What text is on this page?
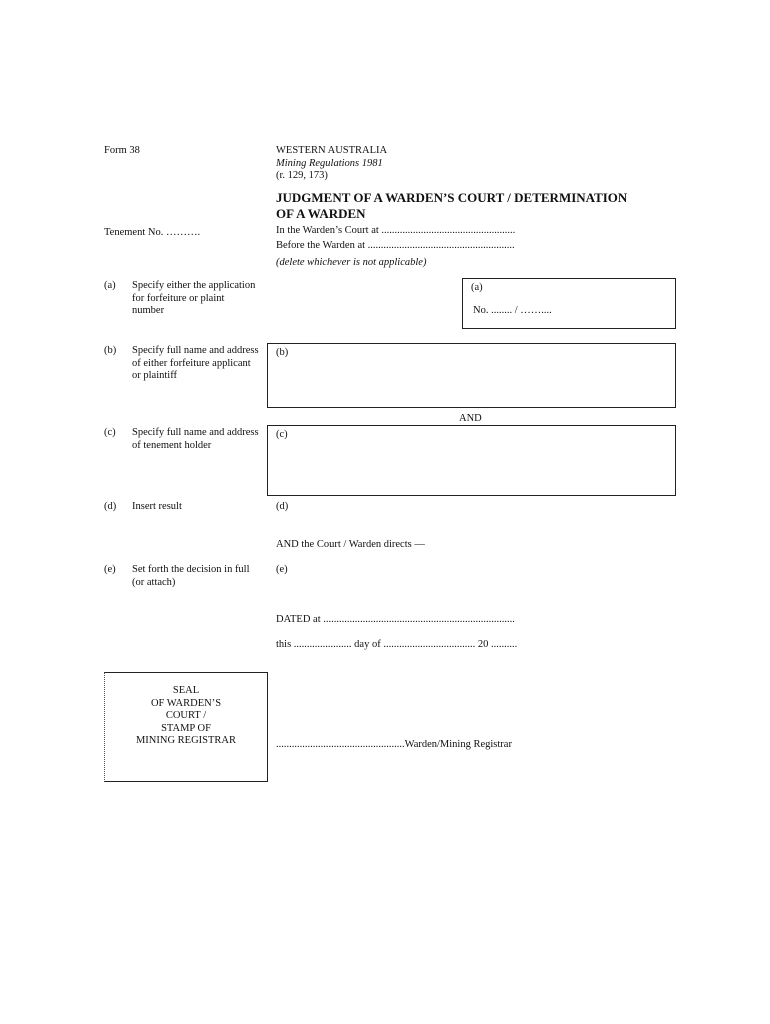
Form 38	WESTERN AUSTRALIA
Mining Regulations 1981
(r. 129, 173)
JUDGMENT OF A WARDEN’S COURT / DETERMINATION
OF A WARDEN
Tenement No. ……….	In the Warden’s Court at ...................................................
Before the Warden at ........................................................
(delete whichever is not applicable)
(a) Specify either the application for forfeiture or plaint number
(a)
No. ........ / ……....
(b) Specify full name and address of either forfeiture applicant or plaintiff
(b)
AND
(c) Specify full name and address of tenement holder
(c)
(d) Insert result	(d)
AND the Court / Warden directs —
(e) Set forth the decision in full (or attach)
(e)
DATED at .........................................................................
this ...................... day of ................................... 20 ..........
SEAL
OF WARDEN’S
COURT /
STAMP OF
MINING REGISTRAR	.................................................Warden/Mining Registrar
